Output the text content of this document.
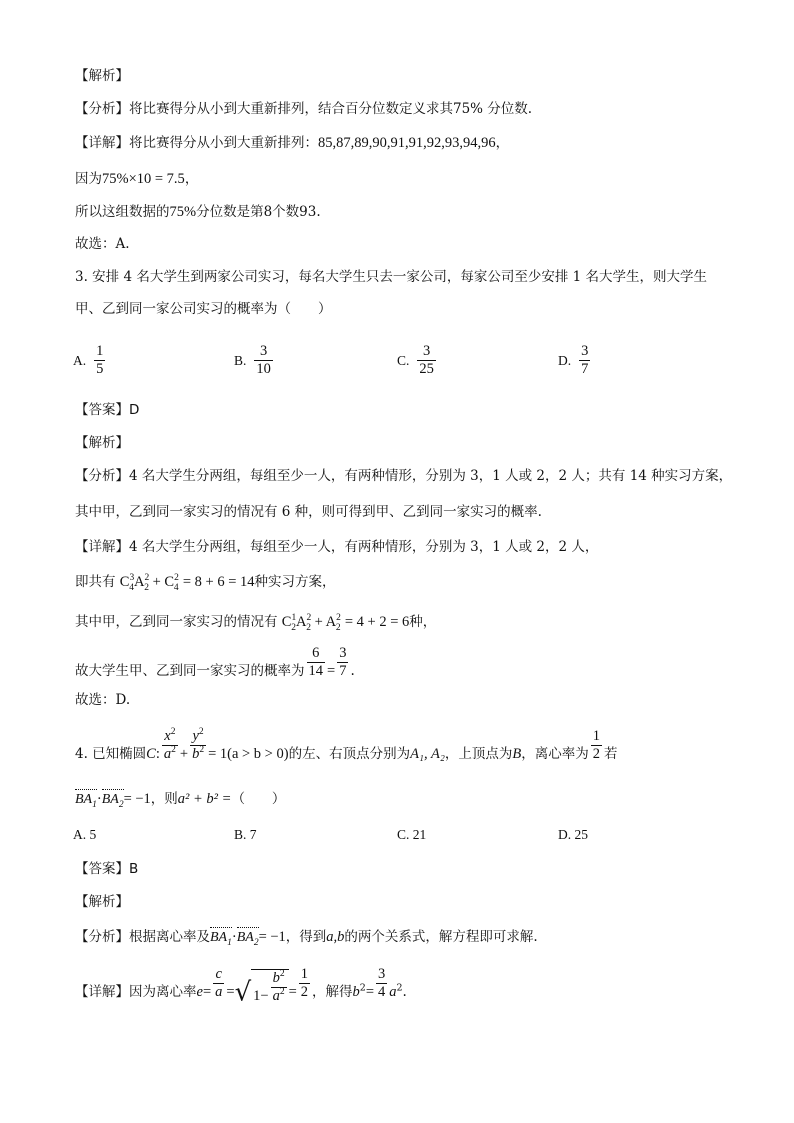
【解析】
【分析】将比赛得分从小到大重新排列，结合百分位数定义求其75% 分位数.
【详解】将比赛得分从小到大重新排列：85,87,89,90,91,91,92,93,94,96，
因为75%×10 = 7.5，
所以这组数据的75%分位数是第8个数93.
故选：A.
3. 安排 4 名大学生到两家公司实习，每名大学生只去一家公司，每家公司至少安排 1 名大学生，则大学生
甲、乙到同一家公司实习的概率为（　　）
A. $\frac{1}{5}$	B. $\frac{3}{10}$	C. $\frac{3}{25}$	D. $\frac{3}{7}$
【答案】D
【解析】
【分析】4 名大学生分两组，每组至少一人，有两种情形，分别为 3，1 人或 2，2 人；共有 14 种实习方案，
其中甲，乙到同一家实习的情况有 6 种，则可得到甲、乙到同一家实习的概率.
【详解】4 名大学生分两组，每组至少一人，有两种情形，分别为 3，1 人或 2，2 人，
即共有 $C^3_4A^2_2 + C^2_4 = 8 + 6 = 14$种实习方案，
其中甲，乙到同一家实习的情况有 $C^1_2A^2_2 + A^2_2 = 4 + 2 = 6$种，
故大学生甲、乙到同一家实习的概率为 $\frac{6}{14} = \frac{3}{7}$ .
故选：D.
4. 已知椭圆C: $\frac{x^2}{a^2} + \frac{y^2}{b^2} = 1(a > b > 0)$的左、右顶点分别为A₁, A₂，上顶点为B，离心率为 $\frac{1}{2}$ 若
$BA_1\cdot BA_2= -1$，则a² + b² =（　　）
A. 5	B. 7	C. 21	D. 25
【答案】B
【解析】
【分析】根据离心率及$BA_1\cdot BA_2= -1$，得到a,b的两个关系式，解方程即可求解.
【详解】因为离心率$e= \frac{c}{a}$ =√ $1- \frac{b^2}{a^2} = \frac{1}{2}$ ，解得$b^2= \frac{3}{4} a^2$.
